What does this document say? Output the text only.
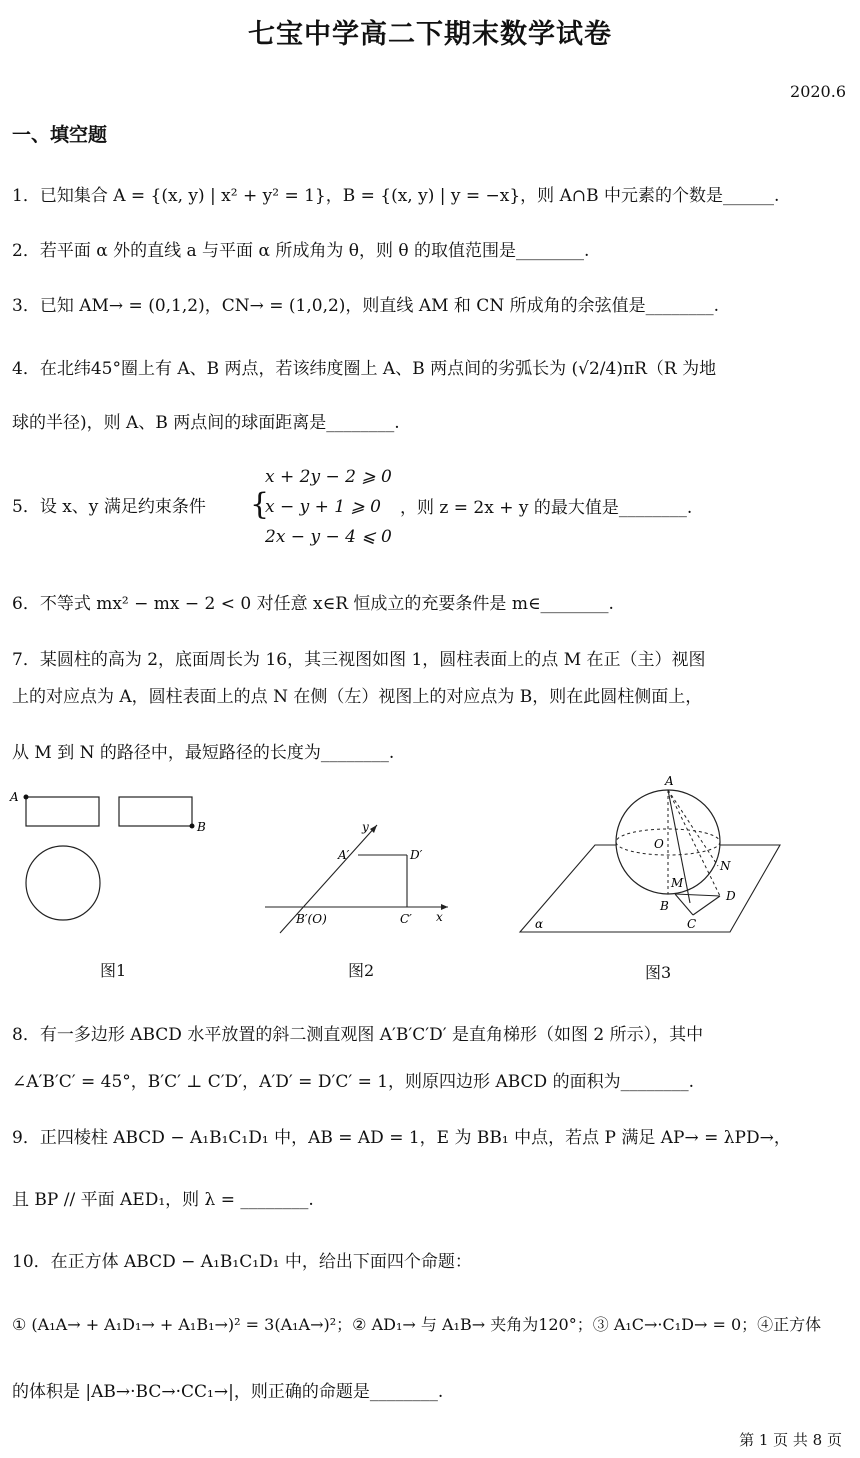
七宝中学高二下期末数学试卷
2020.6
一、填空题
1．已知集合 A = {(x, y) | x² + y² = 1}，B = {(x, y) | y = −x}，则 A∩B 中元素的个数是______.
2．若平面 α 外的直线 a 与平面 α 所成角为 θ，则 θ 的取值范围是________.
3．已知 AM→ = (0,1,2)，CN→ = (1,0,2)，则直线 AM 和 CN 所成角的余弦值是________.
4．在北纬45°圈上有 A、B 两点，若该纬度圈上 A、B 两点间的劣弧长为 (√2/4)πR（R 为地
球的半径)，则 A、B 两点间的球面距离是________.
5．设 x、y 满足约束条件 {
x + 2y − 2 ⩾ 0
x − y + 1 ⩾ 0
2x − y − 4 ⩽ 0
，则 z = 2x + y 的最大值是________.
6．不等式 mx² − mx − 2 < 0 对任意 x∈R 恒成立的充要条件是 m∈________.
7．某圆柱的高为 2，底面周长为 16，其三视图如图 1，圆柱表面上的点 M 在正（主）视图
上的对应点为 A，圆柱表面上的点 N 在侧（左）视图上的对应点为 B，则在此圆柱侧面上，
从 M 到 N 的路径中，最短路径的长度为________.
A
B
图1
A′	D′
B′(O)	C′ x
y
图2
A
O
N
M
D
B
C
α
图3
8．有一多边形 ABCD 水平放置的斜二测直观图 A′B′C′D′ 是直角梯形（如图 2 所示），其中
∠A′B′C′ = 45°，B′C′ ⊥ C′D′，A′D′ = D′C′ = 1，则原四边形 ABCD 的面积为________.
9．正四棱柱 ABCD − A₁B₁C₁D₁ 中，AB = AD = 1，E 为 BB₁ 中点，若点 P 满足 AP→ = λPD→，
且 BP // 平面 AED₁，则 λ = ________.
10．在正方体 ABCD − A₁B₁C₁D₁ 中，给出下面四个命题：
① (A₁A→ + A₁D₁→ + A₁B₁→)² = 3(A₁A→)²；② AD₁→ 与 A₁B→ 夹角为120°；③ A₁C→·C₁D→ = 0；④正方体
的体积是 |AB→·BC→·CC₁→|，则正确的命题是________.
第 1 页 共 8 页
